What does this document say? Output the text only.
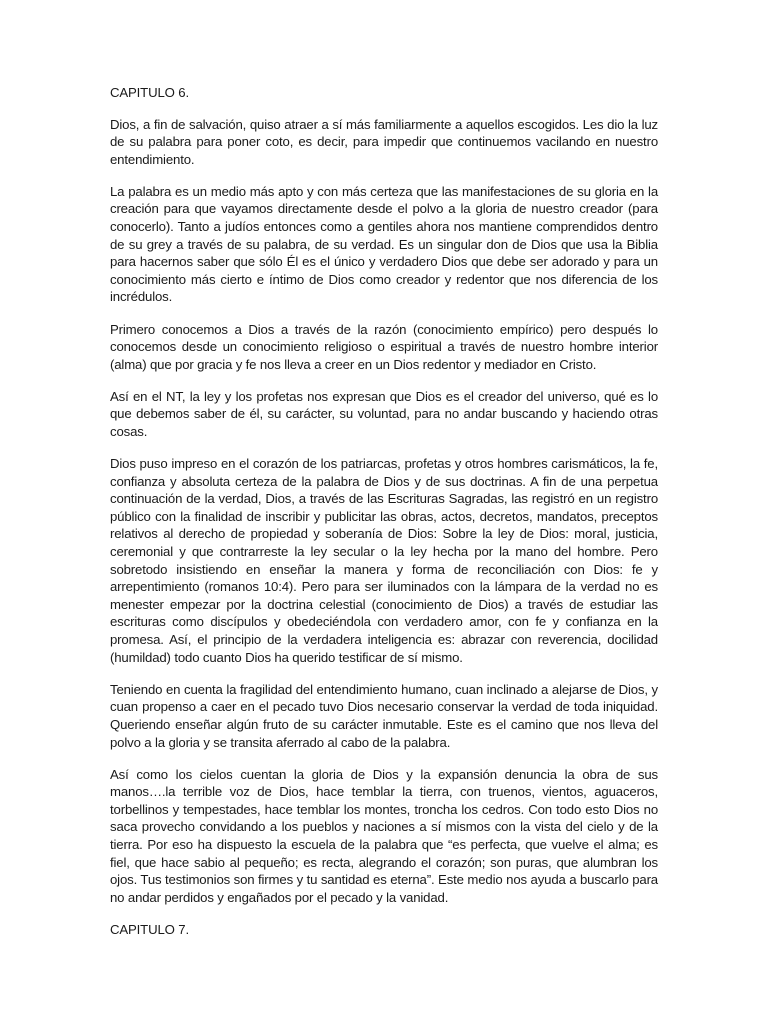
CAPITULO 6.

Dios, a fin de salvación, quiso atraer a sí más familiarmente a aquellos escogidos. Les dio la luz de su palabra para poner coto, es decir, para impedir que continuemos vacilando en nuestro entendimiento.

La palabra es un medio más apto y con más certeza que las manifestaciones de su gloria en la creación para que vayamos directamente desde el polvo a la gloria de nuestro creador (para conocerlo). Tanto a judíos entonces como a gentiles ahora nos mantiene comprendidos dentro de su grey a través de su palabra, de su verdad. Es un singular don de Dios que usa la Biblia para hacernos saber que sólo Él es el único y verdadero Dios que debe ser adorado y para un conocimiento más cierto e íntimo de Dios como creador y redentor que nos diferencia de los incrédulos.

Primero conocemos a Dios a través de la razón (conocimiento empírico) pero después lo conocemos desde un conocimiento religioso o espiritual a través de nuestro hombre interior (alma) que por gracia y fe nos lleva a creer en un Dios redentor y mediador en Cristo.

Así en el NT, la ley y los profetas nos expresan que Dios es el creador del universo, qué es lo que debemos saber de él, su carácter, su voluntad, para no andar buscando y haciendo otras cosas.

Dios puso impreso en el corazón de los patriarcas, profetas y otros hombres carismáticos, la fe, confianza y absoluta certeza de la palabra de Dios y de sus doctrinas. A fin de una perpetua continuación de la verdad, Dios, a través de las Escrituras Sagradas, las registró en un registro público con la finalidad de inscribir y publicitar las obras, actos, decretos, mandatos, preceptos relativos al derecho de propiedad y soberanía de Dios: Sobre la ley de Dios: moral, justicia, ceremonial y que contrarreste la ley secular o la ley hecha por la mano del hombre. Pero sobretodo insistiendo en enseñar la manera y forma de reconciliación con Dios: fe y arrepentimiento (romanos 10:4). Pero para ser iluminados con la lámpara de la verdad no es menester empezar por la doctrina celestial (conocimiento de Dios) a través de estudiar las escrituras como discípulos y obedeciéndola con verdadero amor, con fe y confianza en la promesa. Así, el principio de la verdadera inteligencia es: abrazar con reverencia, docilidad (humildad) todo cuanto Dios ha querido testificar de sí mismo.

Teniendo en cuenta la fragilidad del entendimiento humano, cuan inclinado a alejarse de Dios, y cuan propenso a caer en el pecado tuvo Dios necesario conservar la verdad de toda iniquidad. Queriendo enseñar algún fruto de su carácter inmutable. Este es el camino que nos lleva del polvo a la gloria y se transita aferrado al cabo de la palabra.

Así como los cielos cuentan la gloria de Dios y la expansión denuncia la obra de sus manos….la terrible voz de Dios, hace temblar la tierra, con truenos, vientos, aguaceros, torbellinos y tempestades, hace temblar los montes, troncha los cedros. Con todo esto Dios no saca provecho convidando a los pueblos y naciones a sí mismos con la vista del cielo y de la tierra. Por eso ha dispuesto la escuela de la palabra que “es perfecta, que vuelve el alma; es fiel, que hace sabio al pequeño; es recta, alegrando el corazón; son puras, que alumbran los ojos. Tus testimonios son firmes y tu santidad es eterna”. Este medio nos ayuda a buscarlo para no andar perdidos y engañados por el pecado y la vanidad.

CAPITULO 7.
